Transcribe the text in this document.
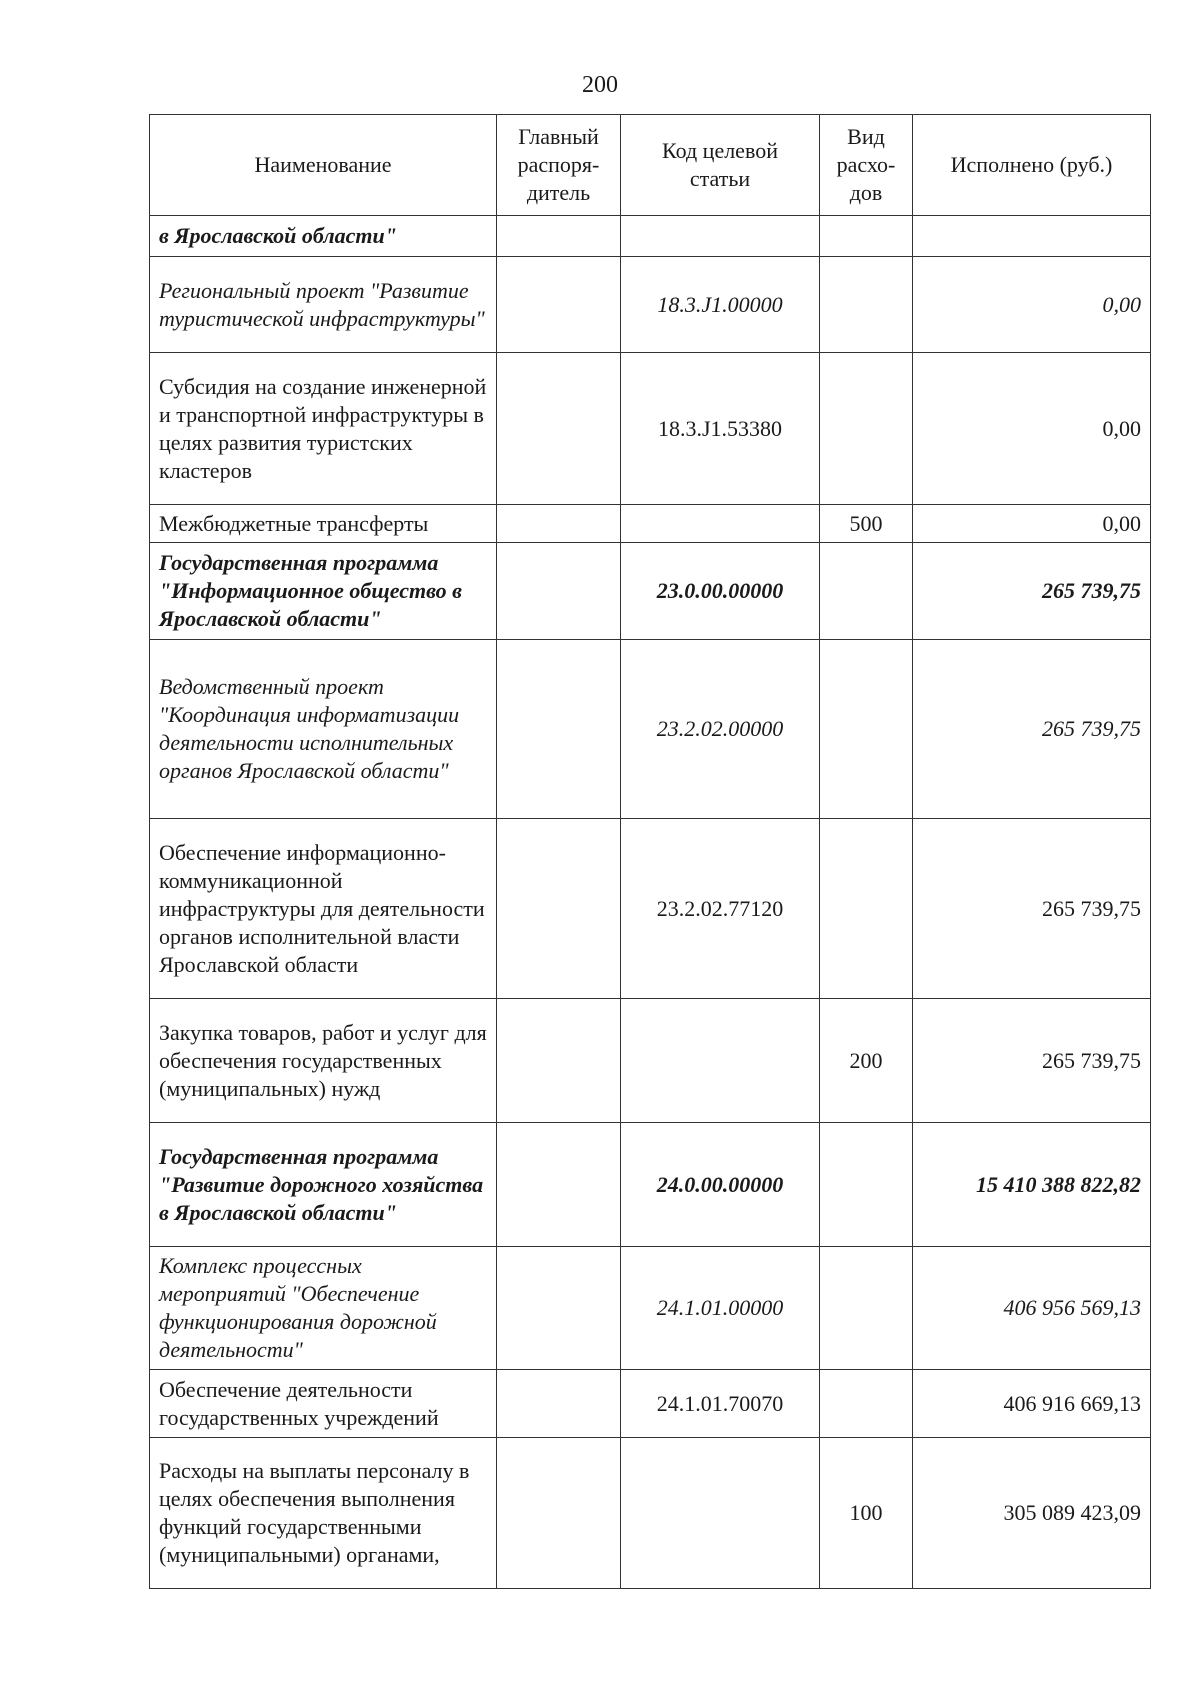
200
Наименование	Главный распоря-дитель	Код целевой статьи	Вид расхо-дов	Исполнено (руб.)
в Ярославской области"				
Региональный проект "Развитие туристической инфраструктуры"		18.3.J1.00000		0,00
Субсидия на создание инженерной и транспортной инфраструктуры в целях развития туристских кластеров		18.3.J1.53380		0,00
Межбюджетные трансферты			500	0,00
Государственная программа "Информационное общество в Ярославской области"		23.0.00.00000		265 739,75
Ведомственный проект "Координация информатизации деятельности исполнительных органов Ярославской области"		23.2.02.00000		265 739,75
Обеспечение информационно-коммуникационной инфраструктуры для деятельности органов исполнительной власти Ярославской области		23.2.02.77120		265 739,75
Закупка товаров, работ и услуг для обеспечения государственных (муниципальных) нужд			200	265 739,75
Государственная программа "Развитие дорожного хозяйства в Ярославской области"		24.0.00.00000		15 410 388 822,82
Комплекс процессных мероприятий "Обеспечение функционирования дорожной деятельности"		24.1.01.00000		406 956 569,13
Обеспечение деятельности государственных учреждений		24.1.01.70070		406 916 669,13
Расходы на выплаты персоналу в целях обеспечения выполнения функций государственными (муниципальными) органами,			100	305 089 423,09
